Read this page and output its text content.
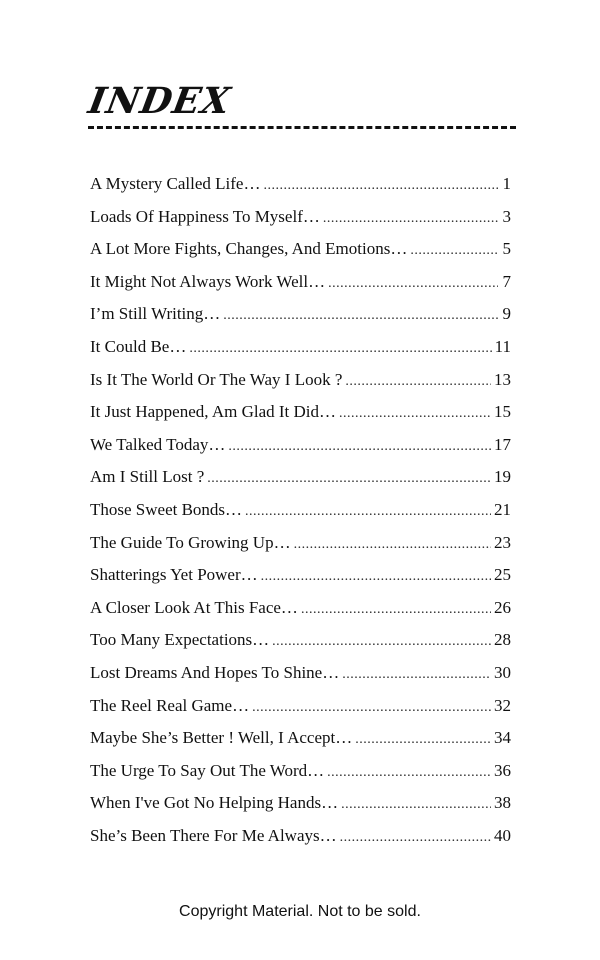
INDEX
A Mystery Called Life… .....	1
Loads Of Happiness To Myself… .....	3
A Lot More Fights, Changes, And Emotions… .....	5
It Might Not Always Work Well… .....	7
I’m Still Writing… .....	9
It Could Be… .....	11
Is It The World Or The Way I Look ? .....	13
It Just Happened, Am Glad It Did… .....	15
We Talked Today… .....	17
Am I Still Lost ? .....	19
Those Sweet Bonds… .....	21
The Guide To Growing Up… .....	23
Shatterings Yet Power… .....	25
A Closer Look At This Face… .....	26
Too Many Expectations… .....	28
Lost Dreams And Hopes To Shine… .....	30
The Reel Real Game… .....	32
Maybe She’s Better ! Well, I Accept… .....	34
The Urge To Say Out The Word… .....	36
When I've Got No Helping Hands… .....	38
She’s Been There For Me Always… .....	40
Copyright Material. Not to be sold.
